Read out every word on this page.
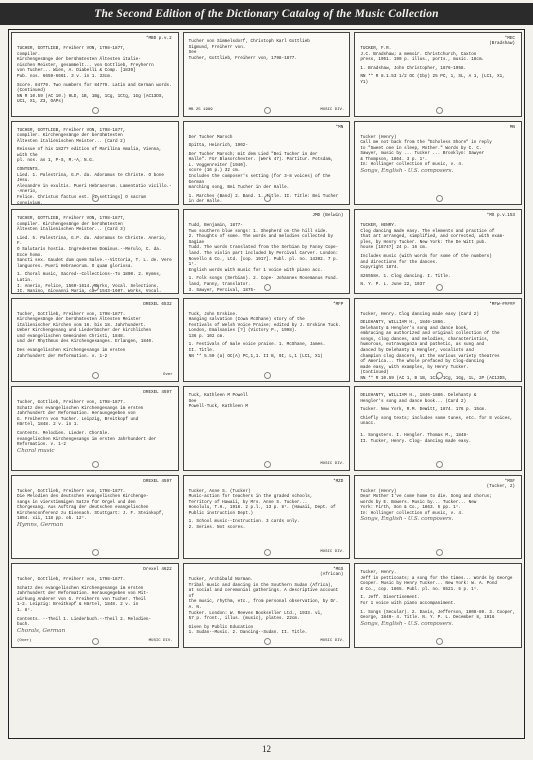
The Second Edition of the Dictionary Catalog of the Music Collection
*MBD p.v.2

TUCHER, GOTTLIEB, Freiherr VON, 1798-1877,

compiler.

Kirchengesänge der berühmtesten Ältesten italie-

nischen Meister, gesammelt... von Gottlieb, Freyherrn

von Tucher... Wien, A. Diabelli & Comp. [1839]

Pub. nos. 6659-6661. 3 v. in 1. 33cm.

Score. 84779. Two numbers for 84779. Latin and German words.

(Continued)

NN R 10.59 (AC 10.) 0LD, 1B, 1Bg, 1Cg, 1Ctg, 1Gg (AC13DS,

UC1, X1, Z3, OAPs)

Tucher von Simmelsdorf, Christoph Karl Gottlieb

Sigmund, Freiherr von.

See

Tucher, Gottlieb, Freiherr von, 1798-1877.

MB 25 1989	MUSIC DIV.
*MEC
(Bradshaw)

TUCKER, F.R.

J.C. Bradshaw; a memoir. Christchurch, Caxton

press, 1951. 190 p. illus., ports., music. 18cm.

1. Bradshaw, John Christopher, 1876-1958.

NN ** R 8.1.53 1/2 OC (Iby) 25 PC, 1, SL, A 1, (LC1, X1,

Y1)

TUCHER, GOTTLIEB, Freiherr VON, 1798-1877,

compiler. Kirchengesänge der berühmtesten

Ältesten italienischen Meister... (Card 2)

Reissue of his 1827? edition of Marilina Amalia, Vienna, with the

pl. nos. as 1, P-S, M.-A, N.G.

CONTENTS.

Lied. 1. Palestrina, G.P. da. Adoramus te Christe. O bone Jesu.

Alexandre in exultis. Pueri Hebraeorum. Lamentatio vicillo.--Anerio,

Felice. Christus factus est. [1 settings] O sacrum convivium.

*MN

Der Tucher Marsch

Spitta, Heinrich, 1902-

Der Tucher Marsch; mit dem Lied "Bei Tucher in der

Halle". Für Blasorchester. (Werk 47). Partitur. Potsdam,

L. Voggenreiter [1940].

score (16 p.) 32 cm.

Includes the composer's setting (for 3-8 voices) of the German

marching song, Bei Tucher in der Halle.

1. Marches (Band) 2. Band. 1. Title. II. Title: Bei Tucher in der Halle.

MN

Tucker (Henry)

Call me not back from the "Echoless Shore" in reply

to "Sweet one in sleep, Mother." Words by C. C.

Sawyer, music by ... Tucker ... Brooklyn: Sawyer

& Thompson, 1864. 3 p. 1°.

In: Hollinger collection of music, v. 4.

Songs, English - U.S. composers.

TUCHER, GOTTLIEB, Freiherr VON, 1798-1877,

compiler. Kirchengesänge der berühmtesten

Ältesten italienischen Meister... (Card 3)

Lied. 5. Palestrina, G.P. da. Adoramus te Christe. Anerio, F.

O Salutaris hostia. Ingredentem Dominus.--Merulo, C. da. Ecce homo.

Sancti sex. Gaudet dum quem Salve.--Vittoria, T. L. de. Vere

languores. Pueri Hebraeorum. O quam gloriosa.

1. Choral music, Sacred--Collections--To 1800. 2. Hymns, Latin.

I. Anerio, Felice, 1560-1614. Works, Vocal. Selections.

II. Nanino, Giovanni Maria, ca. 1543-1607. Works, Vocal.

JMD (Belwin)

Tudd, Benjamin, 1877-

Two southern blue songs: 1. Shepherd on the hill side.

2. Thoughts of some. The words and melodies collected by Sagiae

Tudd. The words translated from the Serbian by Fanny Cope-

land. The violin part included by Percival Carver. London:

Novello & Co., Ltd. [cop. 1917]. Publ. pl. no. 14302. 7 p. 1°.

English words with music for 1 voice with piano acc.

1. Folk songs (Serbian). 2. Cope- Johannes Rosemanus Fund.

land, Fanny, translator.

3. Sawyer, Percival, 1875-

*MS p.v.153

TUCKER, HENRY.

Clog dancing made easy. The elements and practice of

that art arranged, simplified, and corrected, with exam-

ples, by Henry Tucker. New York: The De Witt pub.

house [1874?] 24 p. 16 cm.

Includes music (with words for some of the numbers)

and directions for the dances.

Copyright 1874.

826558A. 1. Clog dancing. I. Title.

N. Y. P. L. June 22, 1937

DREXEL 6532

Tucher, Gottlieb, Freiherr von, 1798-1877.

Kirchengesänge der berühmtesten Ältesten Meister

italienischer Kirchen vom 16. bis 18. Jahrhundert.

Ueber Kirchengesang und Liederbücher der kirchlichen

und evangelischen Gemeinden Christi, 1848.

und der Rhythmus des Kirchengesanges. Erlangen, 1840.

Des evangelischen Kirchengesangs im ersten

Jahrhundert der Reformation. v. 1-2

Over
*MFP

Tuck, John Erskine.

Hanging salvation (Iowa McShane) story of the

Festivals of Welsh Voice Praise; edited by J. Erskine Tuck.

London, Emalsanies [?] (Victory P., 1998).

136 p. 102 cm.

1. Festivals of male voice praise. 1. McShane, James.

II. Title.

NN ** 5.50 (a) OC(A) PC,1,1. II B, 0I, L,1 (LC1, X1)

*MFW-#####

Tucker, Henry. Clog dancing made easy (Card 2)

DELEHANTY, WILLIAM H., 1846-1886.

Delehanty & Hengler's song and dance book,

embracing an authorized and original collection of the

songs, clog dances, and melodies, characteristics,

humorous, extravaganza and pathetic, as sung and

danced by Delehanty & Hengler, vocalists and

champion clog dancers, at the various variety theatres

of America... The whole prefaced by Clog-dancing

made easy, with examples, by Henry Tucker.

(Continued)

NN ** R 10.59 (AC 1, B 1B, 1C1, 1Cg, 1Gg, 1L, 2P (AC13DS,

DREXEL 4597

Tucher, Gottlieb, Freiherr von, 1798-1877.

Schatz des evangelischen Kirchengesangs im ersten

Jahrhundert der Reformation. Herausgegeben von

G. Freiherrn von Tucher. Leipzig, Breitkopf und

Härtel, 1848. 2 v. in 1.

Contents. Melodien. Lieder. Choräle.

evangelischen Kirchengesangs im ersten Jahrhundert der

Reformation. v. 1-2

Choral music

Tuck, Kathleen M Powell

See

Powell-Tuck, Kathleen M

MUSIC DIV.

DELEHANTY, WILLIAM H., 1846-1886. Delehanty &

Hengler's song and dance book... (Card 2)

Tucker. New York, R.M. DeWitt, 1874. 176 p. 15cm.

Chiefly song texts; includes some tunes, etc. for 8 voices, unacc.

1. Songsters. I. Hengler. Thomas M., 1848-

II. Tucker, Henry. Clog- dancing made easy.

DREXEL 4597

Tucker, Gottlieb, Freiherr von, 1798-1877.

Die Melodien des deutschen evangelischen Kirchenge-

sangs in vierstimmigen Satze für Orgel und den

Chorgesang. Aus Auftrag der deutschen evangelischen

Kirchenconferenz zu Eisenach. Stuttgart: J. F. Steinkopf,

1854. xii, 118 pp. ob. 12°.

Hymns, German
*MZD

Tucker, Anne S. (Tucker)

Music-action for teachers in the graded schools,

Territory of Hawaii, by Mrs. Anne S. Tucker...

Honolulu, T.H., 1916. 2 p.l., 13 p. 8°. (Hawaii, Dept. of

Public instruction Dept.)

1. School music--Instruction. 3 cards only.

2. Series. Not scores.

MUSIC DIV.
*MSF
(Tucker, 2)

Tucker (Henry)

Dear Mother I've come home to die. Song and chorus;

words by E. Bowers. Music by... Tucker... New

York: Firth, Son & Co., 1863. 5 pp. 1°.

In: Hollinger collection of music, v. 4.

Songs, English - U.S. composers.
Drexel 4622

Tucher, Gottlieb, Freiherr von, 1798-1877.

Schatz des evangelischen Kirchengesangs im ersten

Jahrhundert der Reformation. Herausgegeben von Mit-

wirkung Anderer von G. Freiherrn von Tucher. Theil

1-2. Leipzig: Breitkopf & Härtel, 1848. 2 v. in

1. 8°.

Contents. --Theil 1. Liederbuch.--Theil 2. Melodien-

buch.

Chorals, German
(Over)	MUSIC DIV.
*MGS
(African)

Tucker, Archibald Norman.

Tribal music and dancing in the Southern Sudan (Africa),

at social and ceremonial gatherings. A descriptive account of

the music, rhythm, etc., from personal observation, by Dr. A. N.

Tucker. London: W. Reeves Bookseller Ltd., 1933. vi,

57 p. front., illus. (music), plates. 22cm.

Given by Public Education

1. Sudan--Music. 2. Dancing--Sudan. II. Title.

MUSIC DIV.

Tucker, Henry.

Jeff in petticoats; a song for the times... Words by George

Cooper. Music by Henry Tucker... New York: W. A. Pond

& Co., cop. 1865. Publ. pl. no. 6521. 5 p. 1°.

I. Jeff. Divertisement.

For 1 voice with piano accompaniment.

1. Songs (Secular). 2. Davis, Jefferson, 1808-89. 3. Cooper,

George, 1840- 4. Title. N. Y. P. L. December 8, 1916

Songs, English - U.S. composers.
12
